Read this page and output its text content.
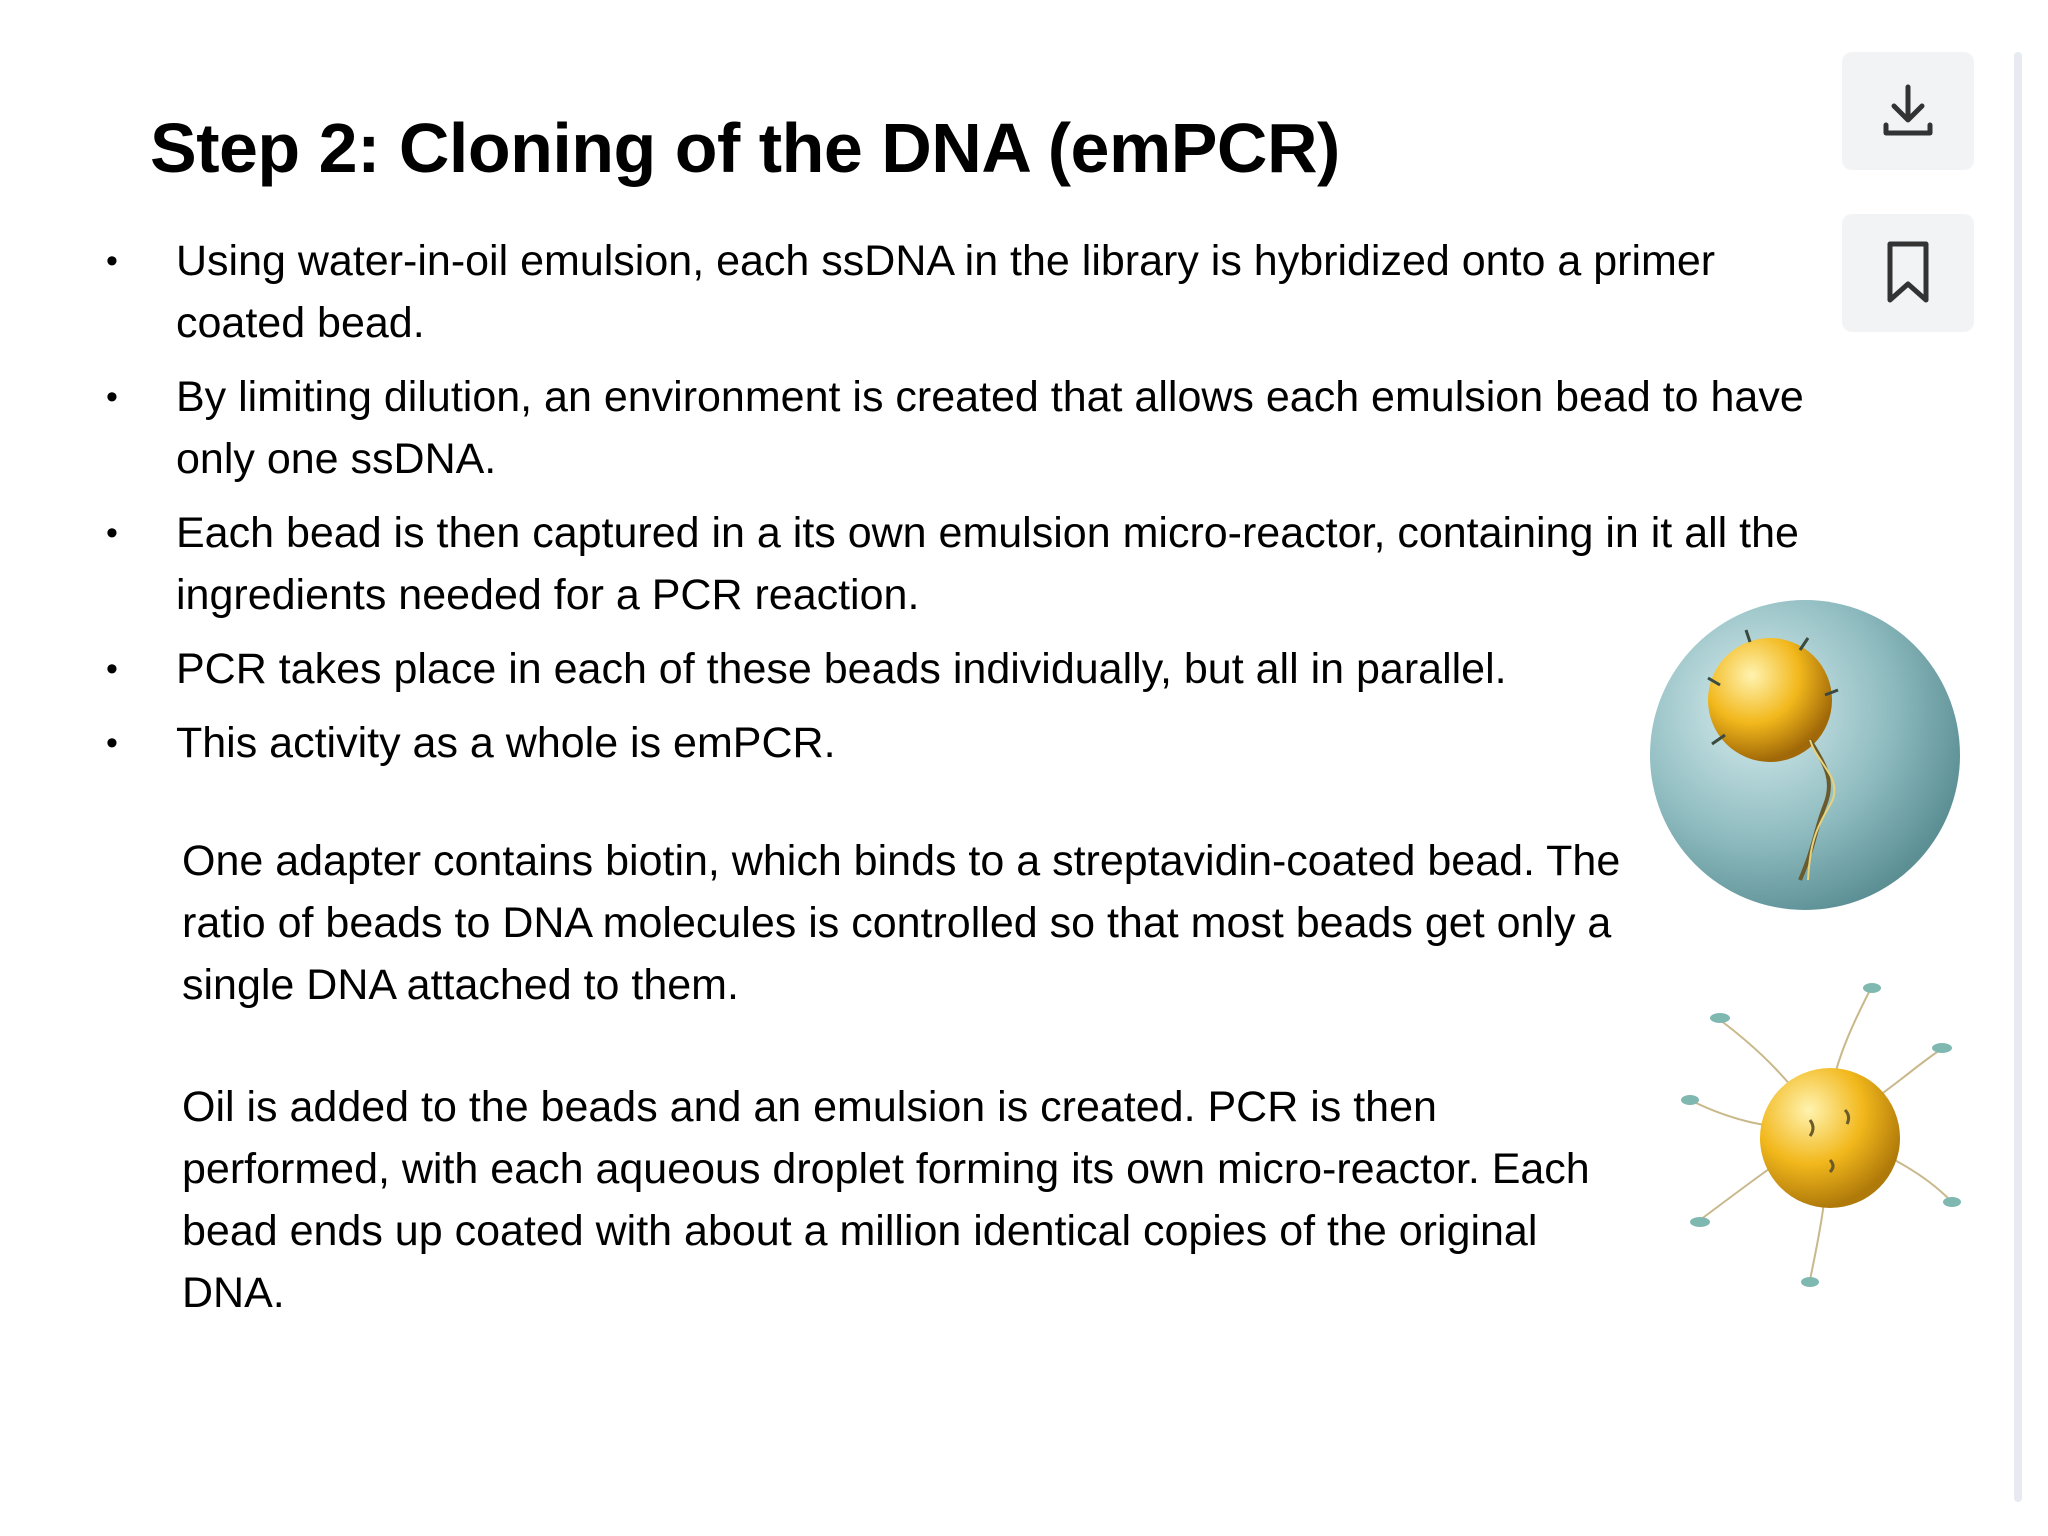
Step 2: Cloning of the DNA (emPCR)
• Using water-in-oil emulsion, each ssDNA in the library is hybridized onto a primer coated bead.
• By limiting dilution, an environment is created that allows each emulsion bead to have only one ssDNA.
• Each bead is then captured in a its own emulsion micro-reactor, containing in it all the ingredients needed for a PCR reaction.
• PCR takes place in each of these beads individually, but all in parallel.
• This activity as a whole is emPCR.

One adapter contains biotin, which binds to a streptavidin-coated bead. The ratio of beads to DNA molecules is controlled so that most beads get only a single DNA attached to them.

Oil is added to the beads and an emulsion is created. PCR is then performed, with each aqueous droplet forming its own micro-reactor. Each bead ends up coated with about a million identical copies of the original DNA.
